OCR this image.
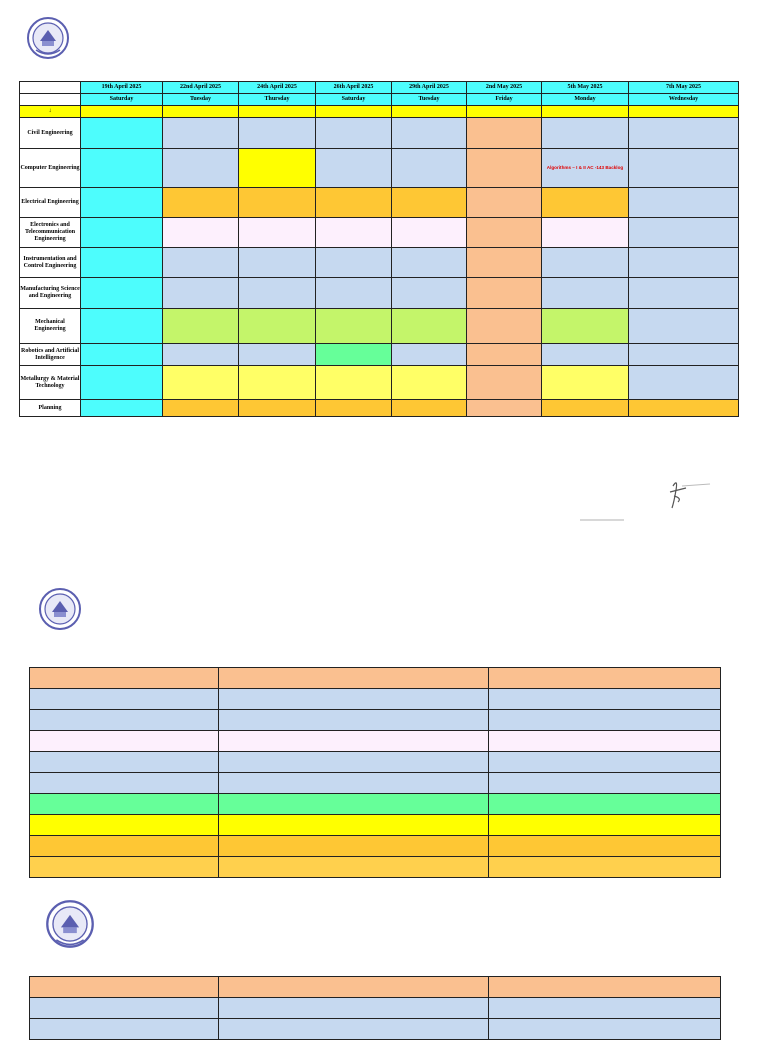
	19th April 2025	22nd April 2025	24th April 2025	26th April 2025	29th April 2025	2nd May 2025	5th May 2025	7th May 2025
	Saturday	Tuesday	Thursday	Saturday	Tuesday	Friday	Monday	Wednesday
↓								
Civil Engineering								
Computer Engineering							Algorithms – I & II AC -143 Backlog	
Electrical Engineering								
Electronics and Telecommunication Engineering								
Instrumentation and Control Engineering								
Manufacturing Science and Engineering								
Mechanical Engineering								
Robotics and Artificial Intelligence								
Metallurgy & Material Technology								
Planning								
